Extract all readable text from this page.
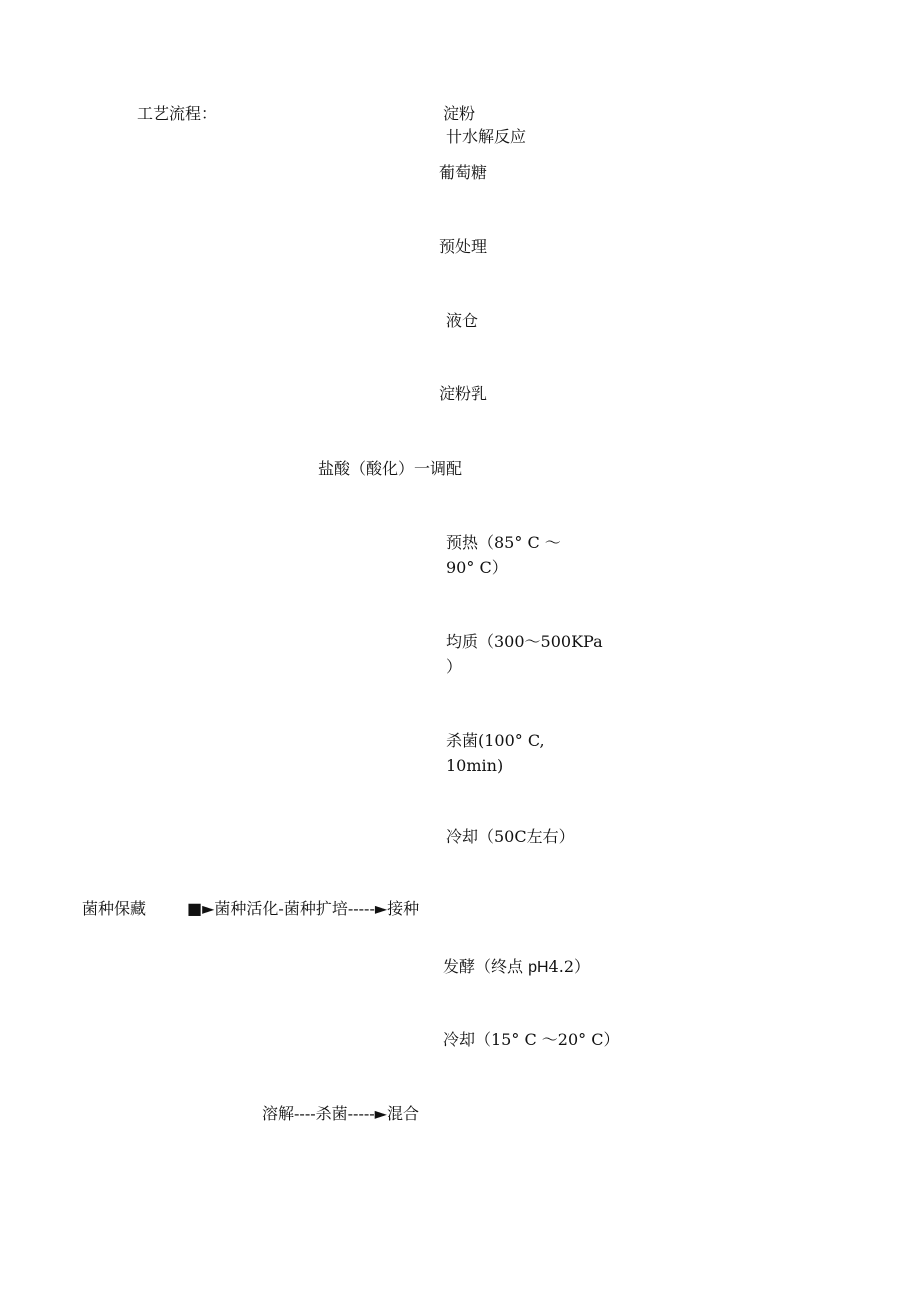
工艺流程：	淀粉
卄水解反应
葡萄糖
预处理
液仓
淀粉乳
盐酸（酸化）一调配
预热（85° C ～
90° C）
均质（300～500KPa
）
杀菌(100° C,
10min)
冷却（50C左右）
菌种保藏	■►菌种活化-菌种扩培-----►接种
发酵（终点 pH4.2）
冷却（15° C ～20° C）
溶解----杀菌-----►混合
